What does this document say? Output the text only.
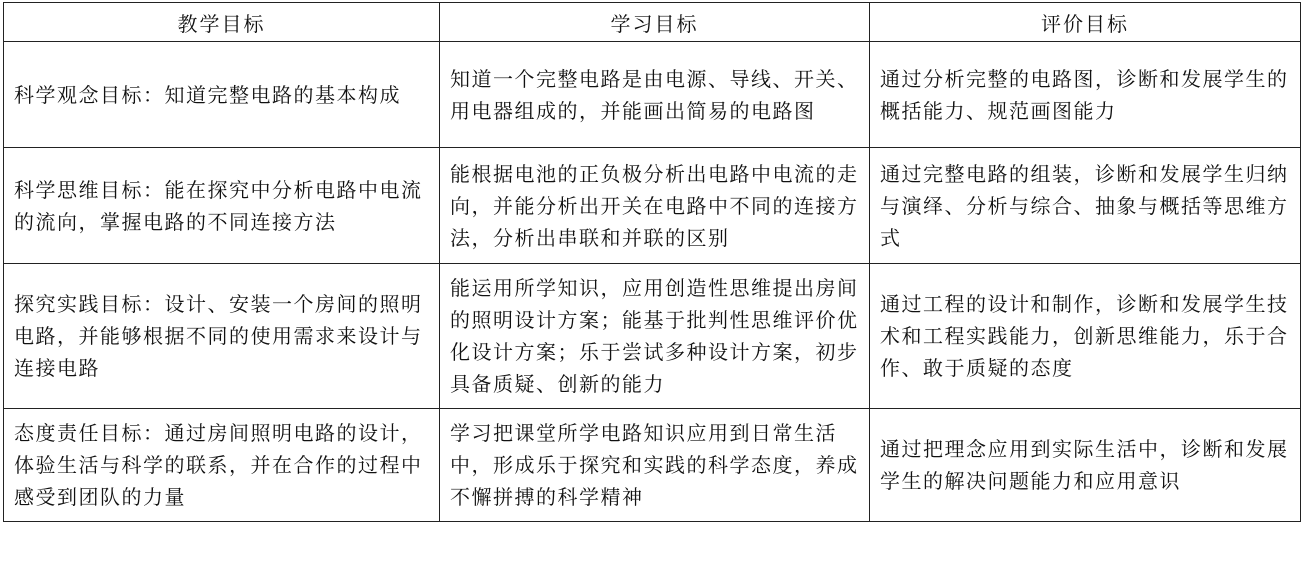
教学目标	学习目标	评价目标
科学观念目标：知道完整电路的基本构成	知道一个完整电路是由电源、导线、开关、用电器组成的，并能画出简易的电路图	通过分析完整的电路图，诊断和发展学生的概括能力、规范画图能力
科学思维目标：能在探究中分析电路中电流的流向，掌握电路的不同连接方法	能根据电池的正负极分析出电路中电流的走向，并能分析出开关在电路中不同的连接方法，分析出串联和并联的区别	通过完整电路的组装，诊断和发展学生归纳与演绎、分析与综合、抽象与概括等思维方式
探究实践目标：设计、安装一个房间的照明电路，并能够根据不同的使用需求来设计与连接电路	能运用所学知识，应用创造性思维提出房间的照明设计方案；能基于批判性思维评价优化设计方案；乐于尝试多种设计方案，初步具备质疑、创新的能力	通过工程的设计和制作，诊断和发展学生技术和工程实践能力，创新思维能力，乐于合作、敢于质疑的态度
态度责任目标：通过房间照明电路的设计，体验生活与科学的联系，并在合作的过程中感受到团队的力量	学习把课堂所学电路知识应用到日常生活中，形成乐于探究和实践的科学态度，养成不懈拼搏的科学精神	通过把理念应用到实际生活中，诊断和发展学生的解决问题能力和应用意识
